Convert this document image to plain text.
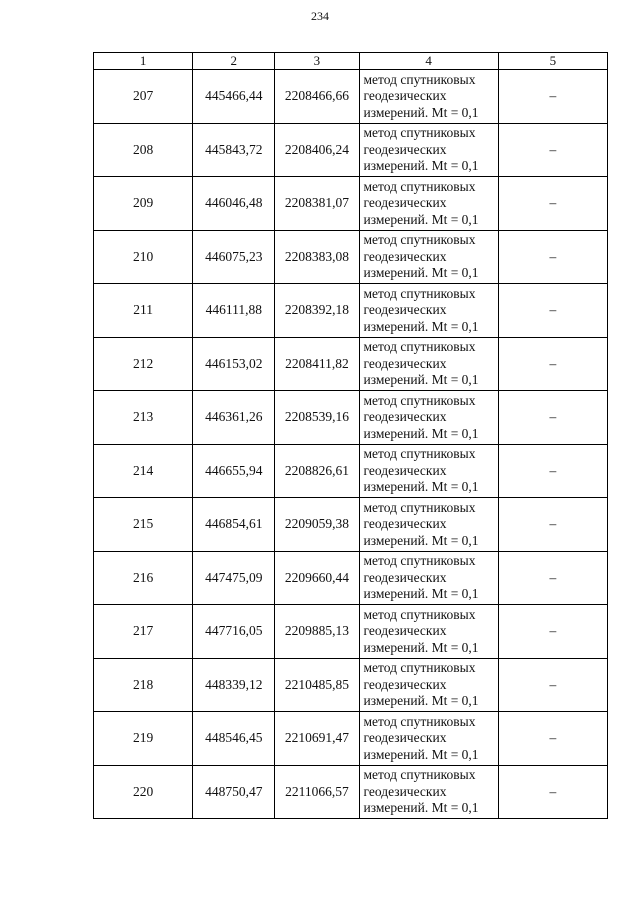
234
1	2	3	4	5
207	445466,44	2208466,66	метод спутниковых
геодезических
измерений. Mt = 0,1	–
208	445843,72	2208406,24	метод спутниковых
геодезических
измерений. Mt = 0,1	–
209	446046,48	2208381,07	метод спутниковых
геодезических
измерений. Mt = 0,1	–
210	446075,23	2208383,08	метод спутниковых
геодезических
измерений. Mt = 0,1	–
211	446111,88	2208392,18	метод спутниковых
геодезических
измерений. Mt = 0,1	–
212	446153,02	2208411,82	метод спутниковых
геодезических
измерений. Mt = 0,1	–
213	446361,26	2208539,16	метод спутниковых
геодезических
измерений. Mt = 0,1	–
214	446655,94	2208826,61	метод спутниковых
геодезических
измерений. Mt = 0,1	–
215	446854,61	2209059,38	метод спутниковых
геодезических
измерений. Mt = 0,1	–
216	447475,09	2209660,44	метод спутниковых
геодезических
измерений. Mt = 0,1	–
217	447716,05	2209885,13	метод спутниковых
геодезических
измерений. Mt = 0,1	–
218	448339,12	2210485,85	метод спутниковых
геодезических
измерений. Mt = 0,1	–
219	448546,45	2210691,47	метод спутниковых
геодезических
измерений. Mt = 0,1	–
220	448750,47	2211066,57	метод спутниковых
геодезических
измерений. Mt = 0,1	–
